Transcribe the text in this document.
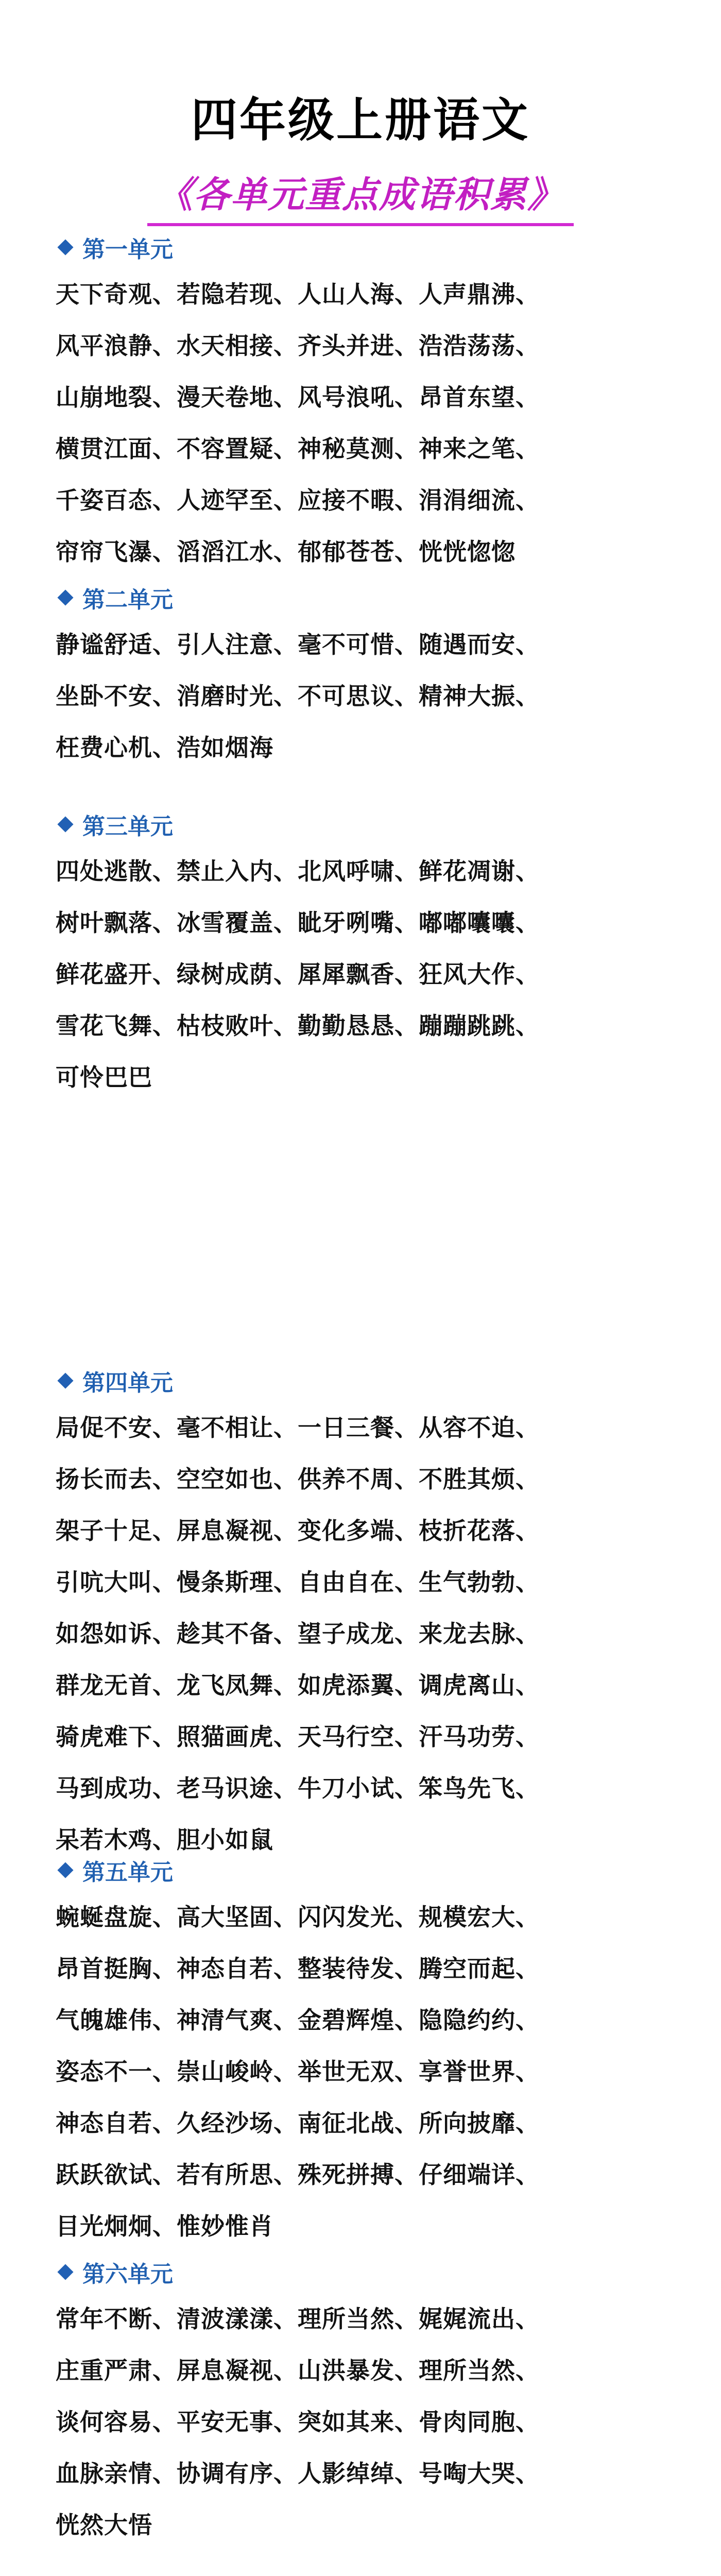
四年级上册语文
《各单元重点成语积累》
第一单元
天下奇观、若隐若现、人山人海、人声鼎沸、
风平浪静、水天相接、齐头并进、浩浩荡荡、
山崩地裂、漫天卷地、风号浪吼、昂首东望、
横贯江面、不容置疑、神秘莫测、神来之笔、
千姿百态、人迹罕至、应接不暇、涓涓细流、
帘帘飞瀑、滔滔江水、郁郁苍苍、恍恍惚惚
第二单元
静谧舒适、引人注意、毫不可惜、随遇而安、
坐卧不安、消磨时光、不可思议、精神大振、
枉费心机、浩如烟海
第三单元
四处逃散、禁止入内、北风呼啸、鲜花凋谢、
树叶飘落、冰雪覆盖、眦牙咧嘴、嘟嘟囔囔、
鲜花盛开、绿树成荫、犀犀飘香、狂风大作、
雪花飞舞、枯枝败叶、勤勤恳恳、蹦蹦跳跳、
可怜巴巴
第四单元
局促不安、毫不相让、一日三餐、从容不迫、
扬长而去、空空如也、供养不周、不胜其烦、
架子十足、屏息凝视、变化多端、枝折花落、
引吭大叫、慢条斯理、自由自在、生气勃勃、
如怨如诉、趁其不备、望子成龙、来龙去脉、
群龙无首、龙飞凤舞、如虎添翼、调虎离山、
骑虎难下、照猫画虎、天马行空、汗马功劳、
马到成功、老马识途、牛刀小试、笨鸟先飞、
呆若木鸡、胆小如鼠
第五单元
蜿蜒盘旋、高大坚固、闪闪发光、规模宏大、
昂首挺胸、神态自若、整装待发、腾空而起、
气魄雄伟、神清气爽、金碧辉煌、隐隐约约、
姿态不一、崇山峻岭、举世无双、享誉世界、
神态自若、久经沙场、南征北战、所向披靡、
跃跃欲试、若有所思、殊死拼搏、仔细端详、
目光炯炯、惟妙惟肖
第六单元
常年不断、清波漾漾、理所当然、娓娓流出、
庄重严肃、屏息凝视、山洪暴发、理所当然、
谈何容易、平安无事、突如其来、骨肉同胞、
血脉亲情、协调有序、人影绰绰、号啕大哭、
恍然大悟
